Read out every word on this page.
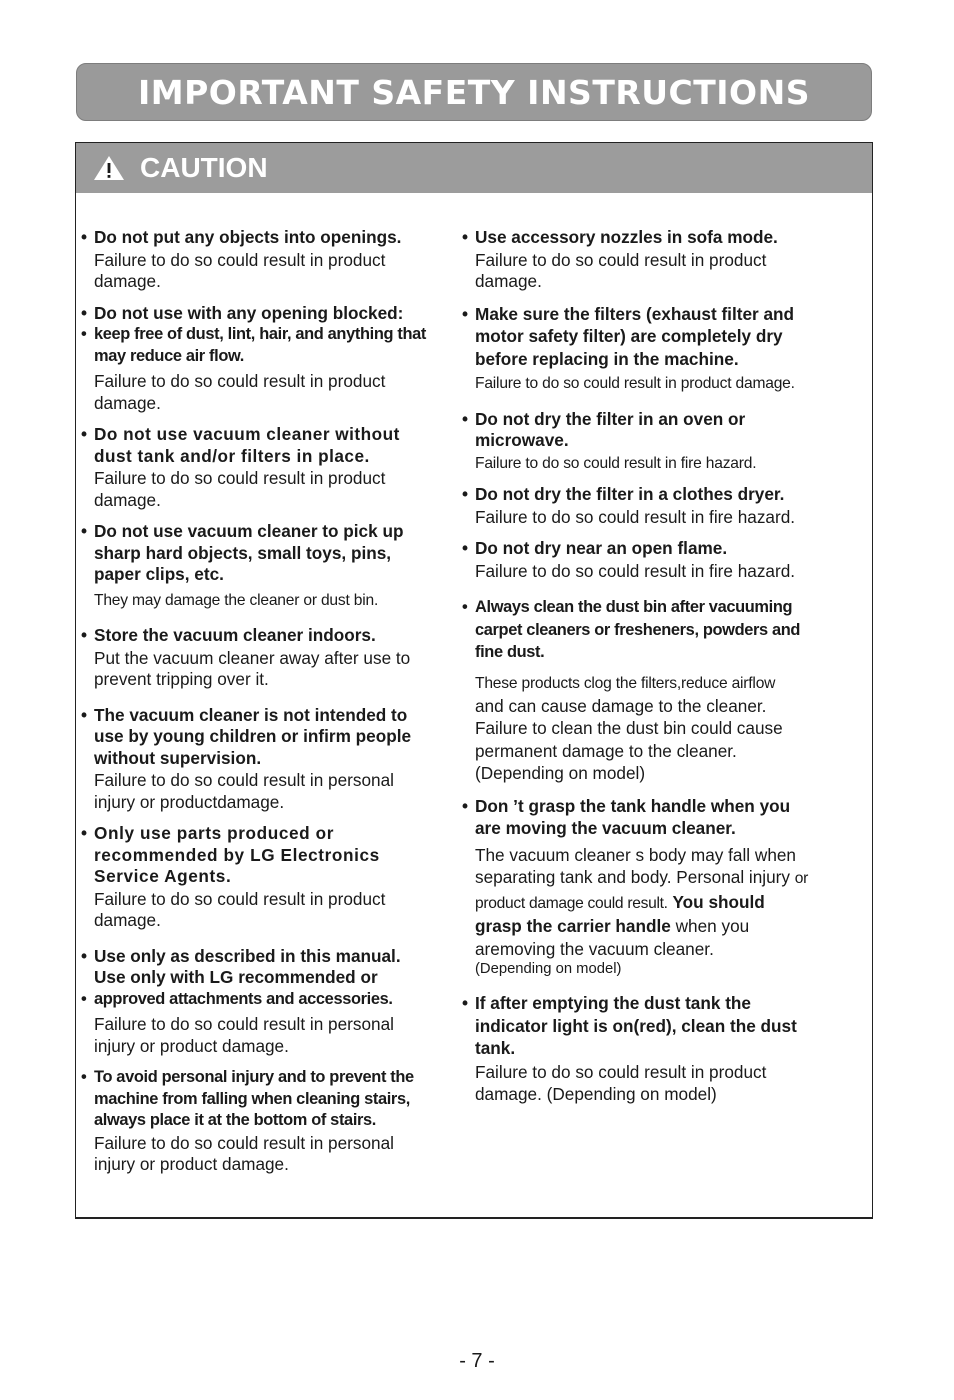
IMPORTANT SAFETY INSTRUCTIONS
CAUTION
• Do not put any objects into openings.
Failure to do so could result in product damage.
• Do not use with any opening blocked:
• keep free of dust, lint, hair, and anything that may reduce air flow.
Failure to do so could result in product damage.
• Do not use vacuum cleaner without dust tank and/or filters in place.
Failure to do so could result in product damage.
• Do not use vacuum cleaner to pick up sharp hard objects, small toys, pins, paper clips, etc.
They may damage the cleaner or dust bin.
• Store the vacuum cleaner indoors.
Put the vacuum cleaner away after use to prevent tripping over it.
• The vacuum cleaner is not intended to use by young children or infirm people without supervision.
Failure to do so could result in personal injury or productdamage.
• Only use parts produced or recommended by LG Electronics Service Agents.
Failure to do so could result in product damage.
• Use only as described in this manual. Use only with LG recommended or
• approved attachments and accessories.
Failure to do so could result in personal injury or product damage.
• To avoid personal injury and to prevent the machine from falling when cleaning stairs, always place it at the bottom of stairs.
Failure to do so could result in personal injury or product damage.
• Use accessory nozzles in sofa mode.
Failure to do so could result in product damage.
• Make sure the filters (exhaust filter and motor safety filter) are completely dry before replacing in the machine.
Failure to do so could result in product damage.
• Do not dry the filter in an oven or microwave.
Failure to do so could result in fire hazard.
• Do not dry the filter in a clothes dryer.
Failure to do so could result in fire hazard.
• Do not dry near an open flame.
Failure to do so could result in fire hazard.
• Always clean the dust bin after vacuuming carpet cleaners or fresheners, powders and fine dust.
These products clog the filters,reduce airflow
and can cause damage to the cleaner. Failure to clean the dust bin could cause permanent damage to the cleaner. (Depending on model)
• Don ’t grasp the tank handle when you are moving the vacuum cleaner.
The vacuum cleaner s body may fall when separating tank and body. Personal injury or product damage could result. You should grasp the carrier handle when you aremoving the vacuum cleaner.
(Depending on model)
• If after emptying the dust tank the indicator light is on(red), clean the dust tank.
Failure to do so could result in product damage. (Depending on model)
- 7 -
